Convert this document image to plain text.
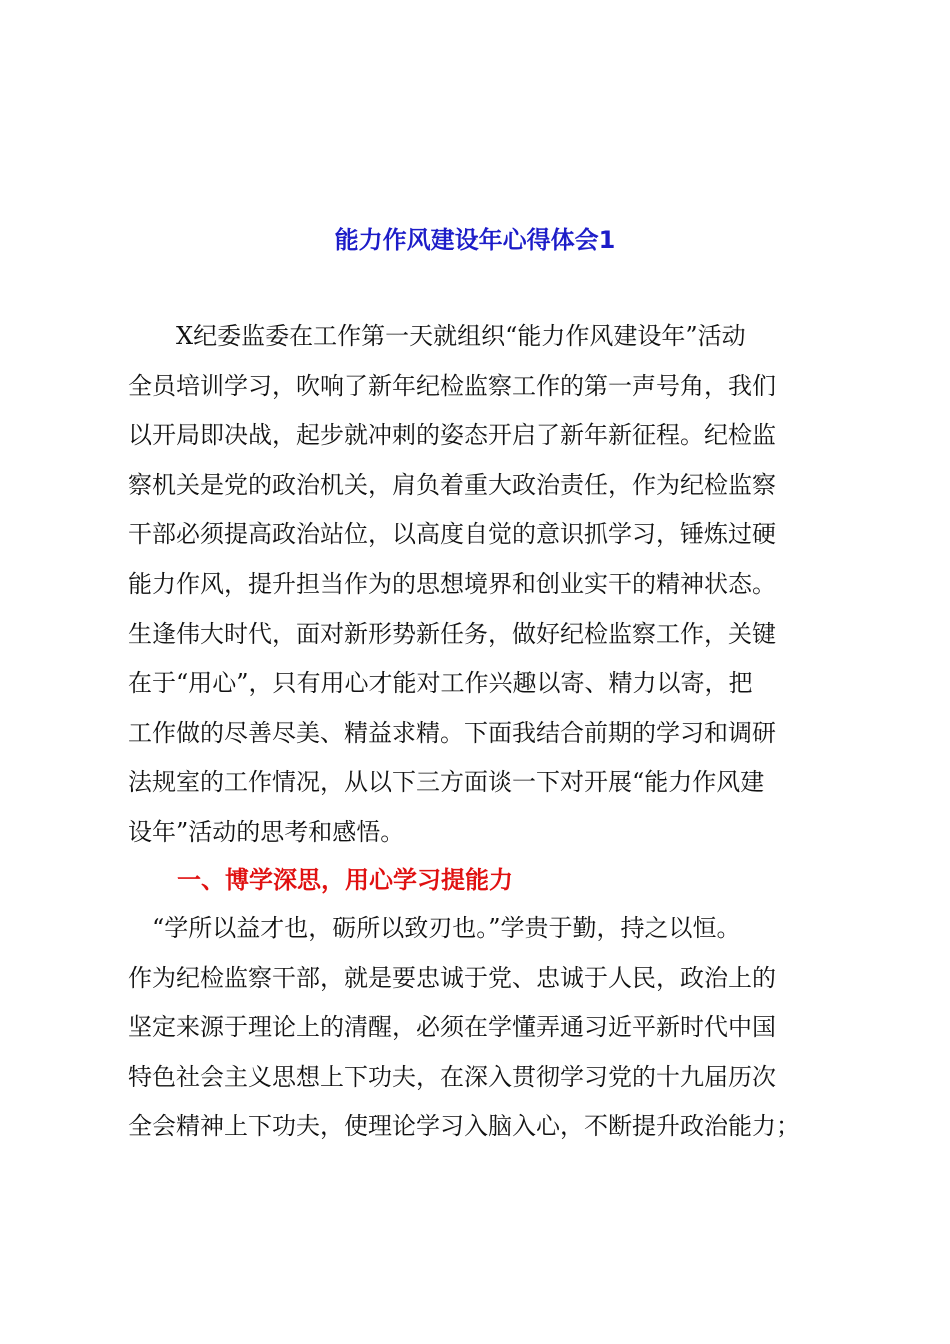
能力作风建设年心得体会1
　　X纪委监委在工作第一天就组织“能力作风建设年”活动
全员培训学习，吹响了新年纪检监察工作的第一声号角，我们
以开局即决战，起步就冲刺的姿态开启了新年新征程。纪检监
察机关是党的政治机关，肩负着重大政治责任，作为纪检监察
干部必须提高政治站位，以高度自觉的意识抓学习，锤炼过硬
能力作风，提升担当作为的思想境界和创业实干的精神状态。
生逢伟大时代，面对新形势新任务，做好纪检监察工作，关键
在于“用心”，只有用心才能对工作兴趣以寄、精力以寄，把
工作做的尽善尽美、精益求精。下面我结合前期的学习和调研
法规室的工作情况，从以下三方面谈一下对开展“能力作风建
设年”活动的思考和感悟。
一、博学深思，用心学习提能力
　“学所以益才也，砺所以致刃也。”学贵于勤，持之以恒。
作为纪检监察干部，就是要忠诚于党、忠诚于人民，政治上的
坚定来源于理论上的清醒，必须在学懂弄通习近平新时代中国
特色社会主义思想上下功夫，在深入贯彻学习党的十九届历次
全会精神上下功夫，使理论学习入脑入心，不断提升政治能力；
